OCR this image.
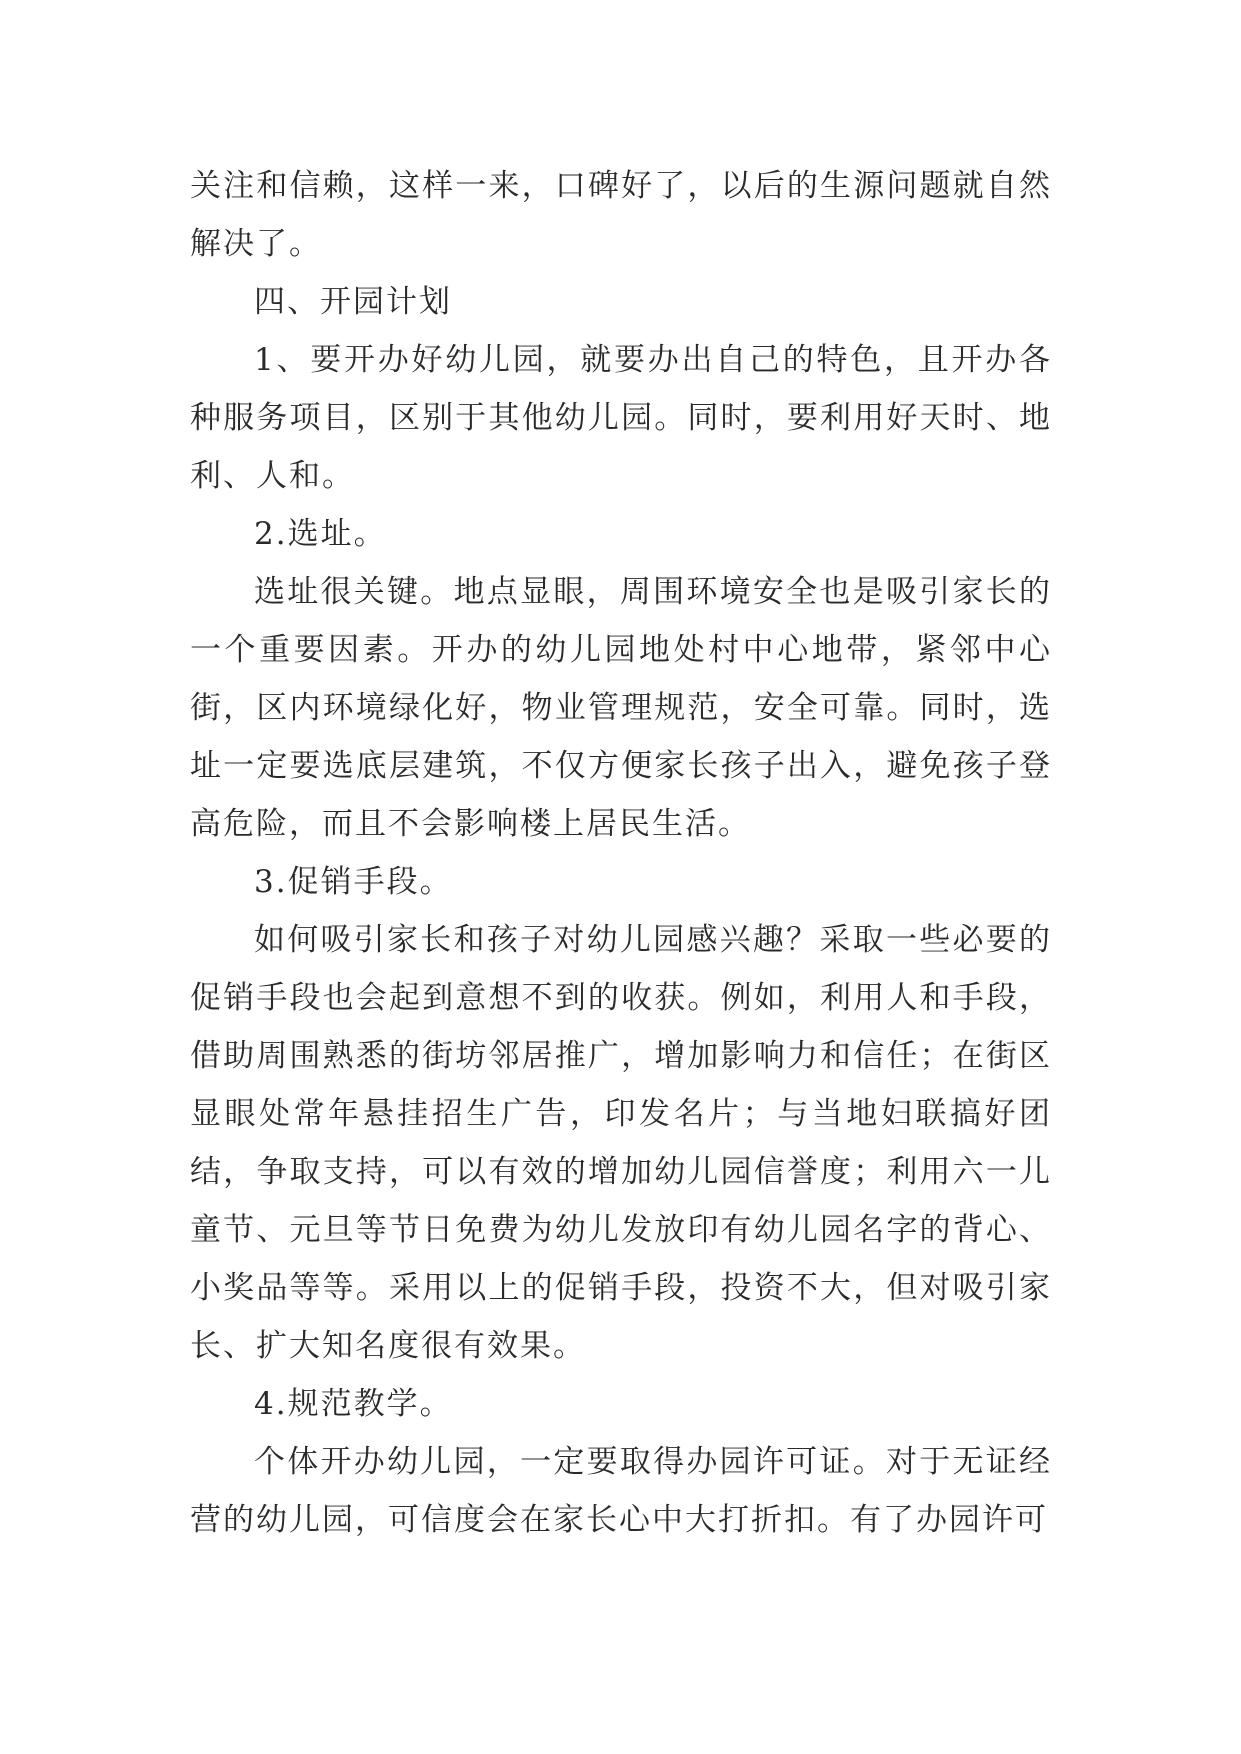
关注和信赖，这样一来，口碑好了，以后的生源问题就自然解决了。

四、开园计划

1、要开办好幼儿园，就要办出自己的特色，且开办各种服务项目，区别于其他幼儿园。同时，要利用好天时、地利、人和。

2.选址。

选址很关键。地点显眼，周围环境安全也是吸引家长的一个重要因素。开办的幼儿园地处村中心地带，紧邻中心街，区内环境绿化好，物业管理规范，安全可靠。同时，选址一定要选底层建筑，不仅方便家长孩子出入，避免孩子登高危险，而且不会影响楼上居民生活。

3.促销手段。

如何吸引家长和孩子对幼儿园感兴趣？采取一些必要的促销手段也会起到意想不到的收获。例如，利用人和手段，借助周围熟悉的街坊邻居推广，增加影响力和信任；在街区显眼处常年悬挂招生广告，印发名片；与当地妇联搞好团结，争取支持，可以有效的增加幼儿园信誉度；利用六一儿童节、元旦等节日免费为幼儿发放印有幼儿园名字的背心、小奖品等等。采用以上的促销手段，投资不大，但对吸引家长、扩大知名度很有效果。

4.规范教学。

个体开办幼儿园，一定要取得办园许可证。对于无证经营的幼儿园，可信度会在家长心中大打折扣。有了办园许可
